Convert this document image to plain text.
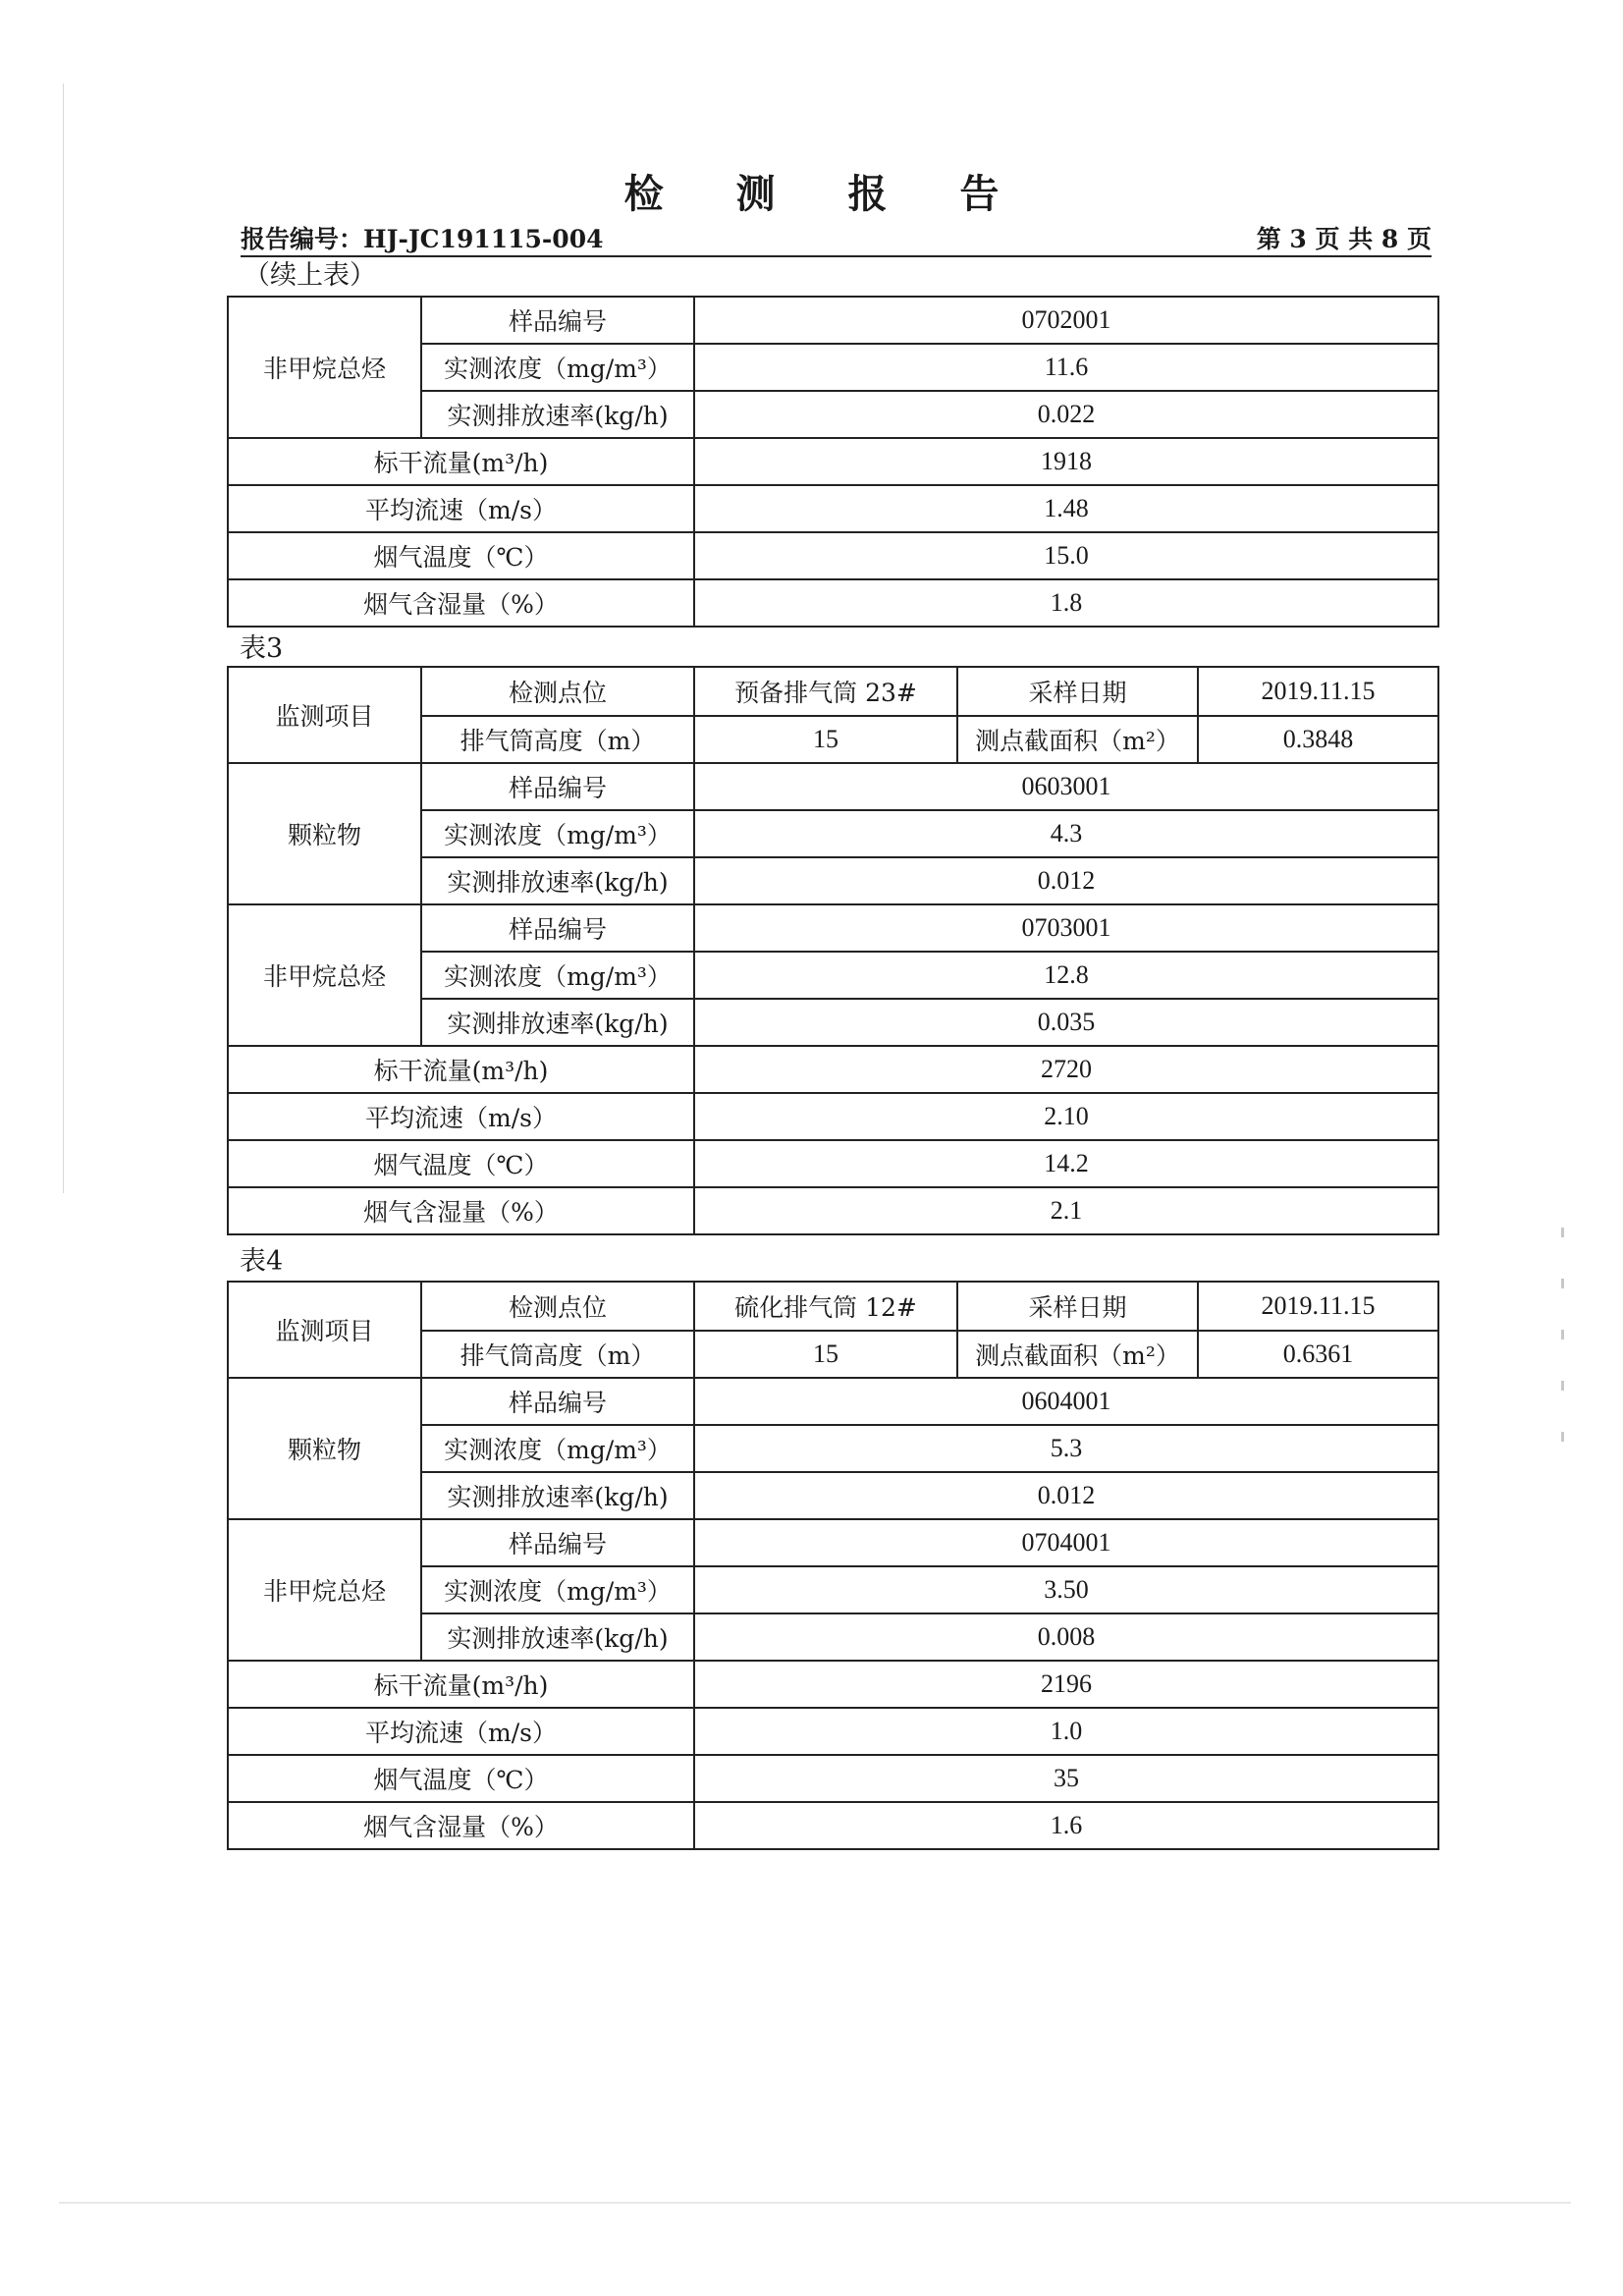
检 测 报 告
报告编号：HJ-JC191115-004	第 3 页 共 8 页
（续上表）
非甲烷总烃	样品编号	0702001
	实测浓度（mg/m³）	11.6
	实测排放速率(kg/h)	0.022
标干流量(m³/h)		1918
平均流速（m/s）		1.48
烟气温度（℃）		15.0
烟气含湿量（%）		1.8
表3
监测项目	检测点位	预备排气筒 23#	采样日期	2019.11.15
	排气筒高度（m）	15	测点截面积（m²）	0.3848
颗粒物	样品编号	0603001		
	实测浓度（mg/m³）	4.3		
	实测排放速率(kg/h)	0.012		
非甲烷总烃	样品编号	0703001		
	实测浓度（mg/m³）	12.8		
	实测排放速率(kg/h)	0.035		
标干流量(m³/h)		2720		
平均流速（m/s）		2.10		
烟气温度（℃）		14.2		
烟气含湿量（%）		2.1		
表4
监测项目	检测点位	硫化排气筒 12#	采样日期	2019.11.15
	排气筒高度（m）	15	测点截面积（m²）	0.6361
颗粒物	样品编号	0604001		
	实测浓度（mg/m³）	5.3		
	实测排放速率(kg/h)	0.012		
非甲烷总烃	样品编号	0704001		
	实测浓度（mg/m³）	3.50		
	实测排放速率(kg/h)	0.008		
标干流量(m³/h)		2196		
平均流速（m/s）		1.0		
烟气温度（℃）		35		
烟气含湿量（%）		1.6		
